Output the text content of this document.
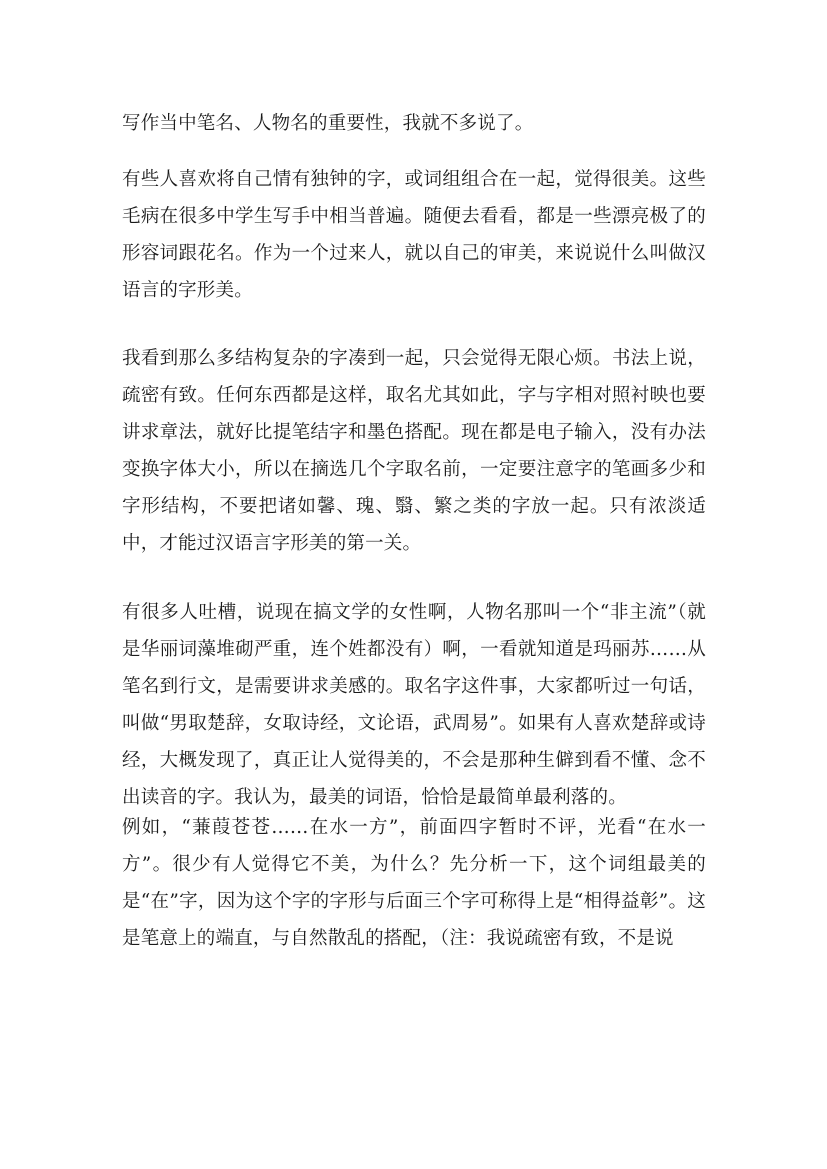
写作当中笔名、人物名的重要性，我就不多说了。

有些人喜欢将自己情有独钟的字，或词组组合在一起，觉得很美。这些毛病在很多中学生写手中相当普遍。随便去看看，都是一些漂亮极了的形容词跟花名。作为一个过来人，就以自己的审美，来说说什么叫做汉语言的字形美。

我看到那么多结构复杂的字凑到一起，只会觉得无限心烦。书法上说，疏密有致。任何东西都是这样，取名尤其如此，字与字相对照衬映也要讲求章法，就好比提笔结字和墨色搭配。现在都是电子输入，没有办法变换字体大小，所以在摘选几个字取名前，一定要注意字的笔画多少和字形结构，不要把诸如馨、瑰、翳、繁之类的字放一起。只有浓淡适中，才能过汉语言字形美的第一关。

有很多人吐槽，说现在搞文学的女性啊，人物名那叫一个“非主流”（就是华丽词藻堆砌严重，连个姓都没有）啊，一看就知道是玛丽苏……从笔名到行文，是需要讲求美感的。取名字这件事，大家都听过一句话，叫做“男取楚辞，女取诗经，文论语，武周易”。如果有人喜欢楚辞或诗经，大概发现了，真正让人觉得美的，不会是那种生僻到看不懂、念不出读音的字。我认为，最美的词语，恰恰是最简单最利落的。

例如，“蒹葭苍苍……在水一方”，前面四字暂时不评，光看“在水一方”。很少有人觉得它不美，为什么？先分析一下，这个词组最美的是“在”字，因为这个字的字形与后面三个字可称得上是“相得益彰”。这是笔意上的端直，与自然散乱的搭配，（注：我说疏密有致，不是说
